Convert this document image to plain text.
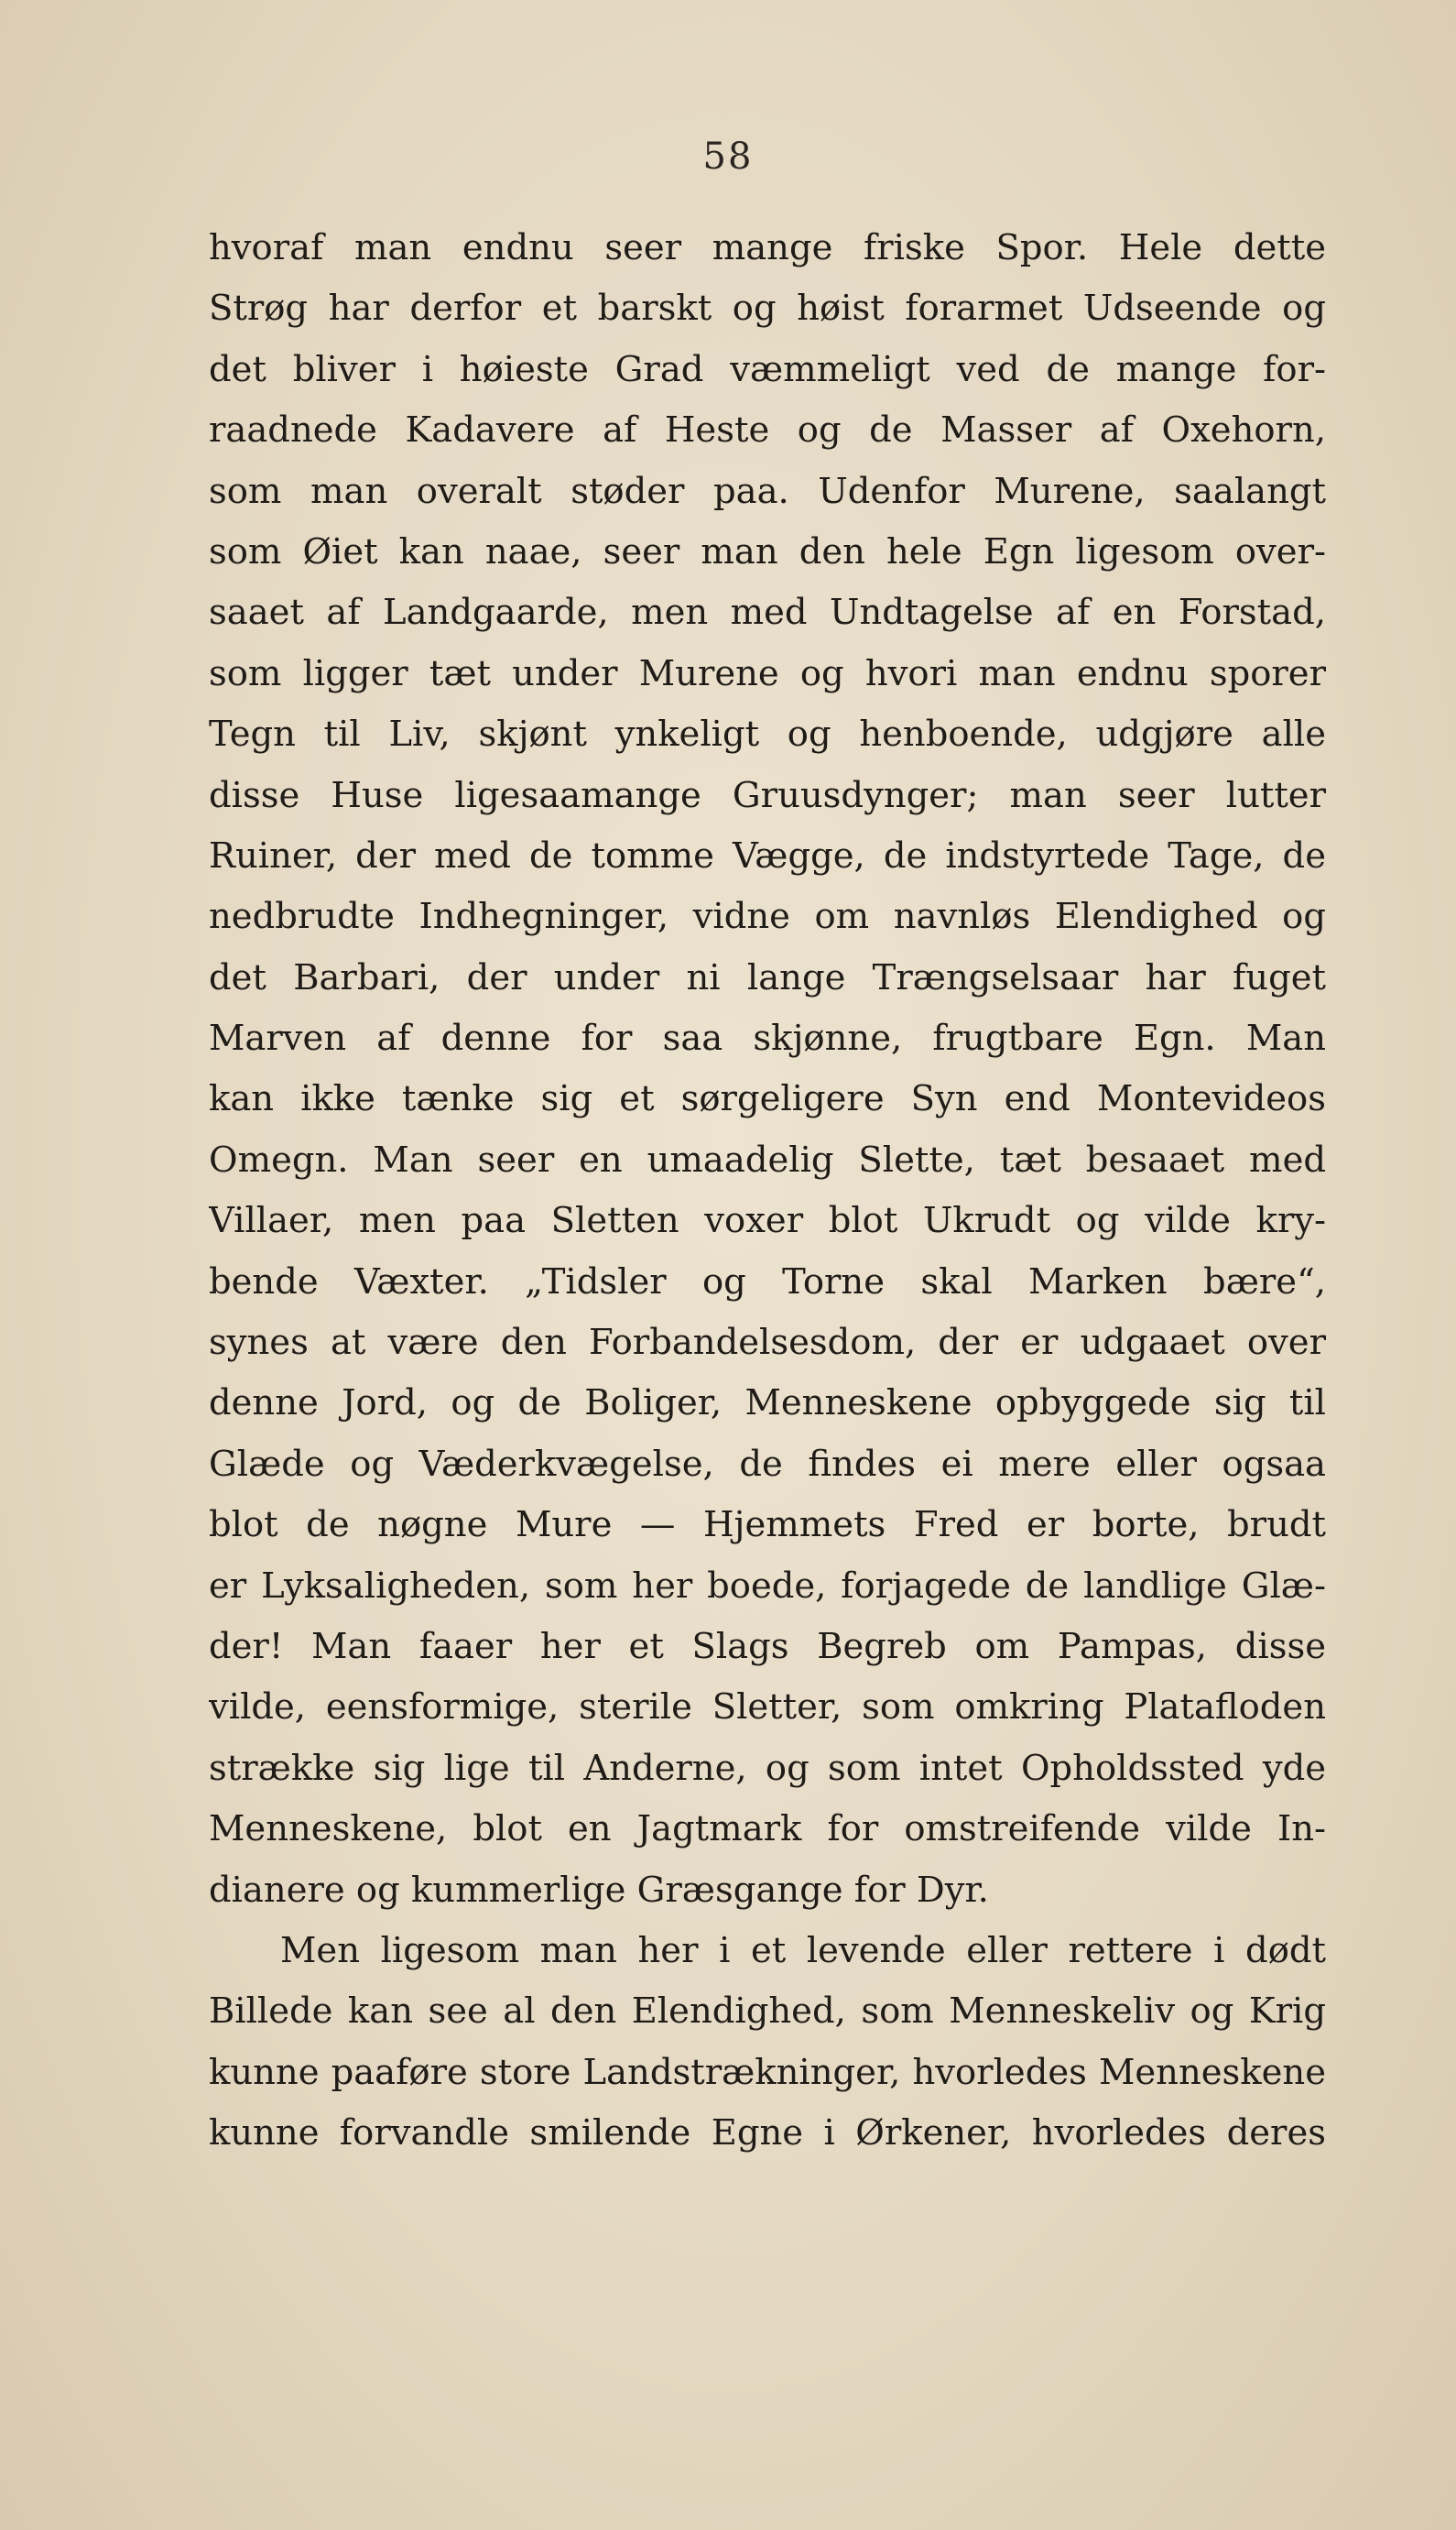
58
hvoraf man endnu seer mange friske Spor. Hele dette
Strøg har derfor et barskt og høist forarmet Udseende og
det bliver i høieste Grad væmmeligt ved de mange for-
raadnede Kadavere af Heste og de Masser af Oxehorn,
som man overalt støder paa. Udenfor Murene, saalangt
som Øiet kan naae, seer man den hele Egn ligesom over-
saaet af Landgaarde, men med Undtagelse af en Forstad,
som ligger tæt under Murene og hvori man endnu sporer
Tegn til Liv, skjønt ynkeligt og henboende, udgjøre alle
disse Huse ligesaamange Gruusdynger; man seer lutter
Ruiner, der med de tomme Vægge, de indstyrtede Tage, de
nedbrudte Indhegninger, vidne om navnløs Elendighed og
det Barbari, der under ni lange Trængselsaar har fuget
Marven af denne for saa skjønne, frugtbare Egn. Man
kan ikke tænke sig et sørgeligere Syn end Montevideos
Omegn. Man seer en umaadelig Slette, tæt besaaet med
Villaer, men paa Sletten voxer blot Ukrudt og vilde kry-
bende Væxter. „Tidsler og Torne skal Marken bære“,
synes at være den Forbandelsesdom, der er udgaaet over
denne Jord, og de Boliger, Menneskene opbyggede sig til
Glæde og Væderkvægelse, de findes ei mere eller ogsaa
blot de nøgne Mure — Hjemmets Fred er borte, brudt
er Lyksaligheden, som her boede, forjagede de landlige Glæ-
der! Man faaer her et Slags Begreb om Pampas, disse
vilde, eensformige, sterile Sletter, som omkring Platafloden
strække sig lige til Anderne, og som intet Opholdssted yde
Menneskene, blot en Jagtmark for omstreifende vilde In-
dianere og kummerlige Græsgange for Dyr.
Men ligesom man her i et levende eller rettere i dødt
Billede kan see al den Elendighed, som Menneskeliv og Krig
kunne paaføre store Landstrækninger, hvorledes Menneskene
kunne forvandle smilende Egne i Ørkener, hvorledes deres
